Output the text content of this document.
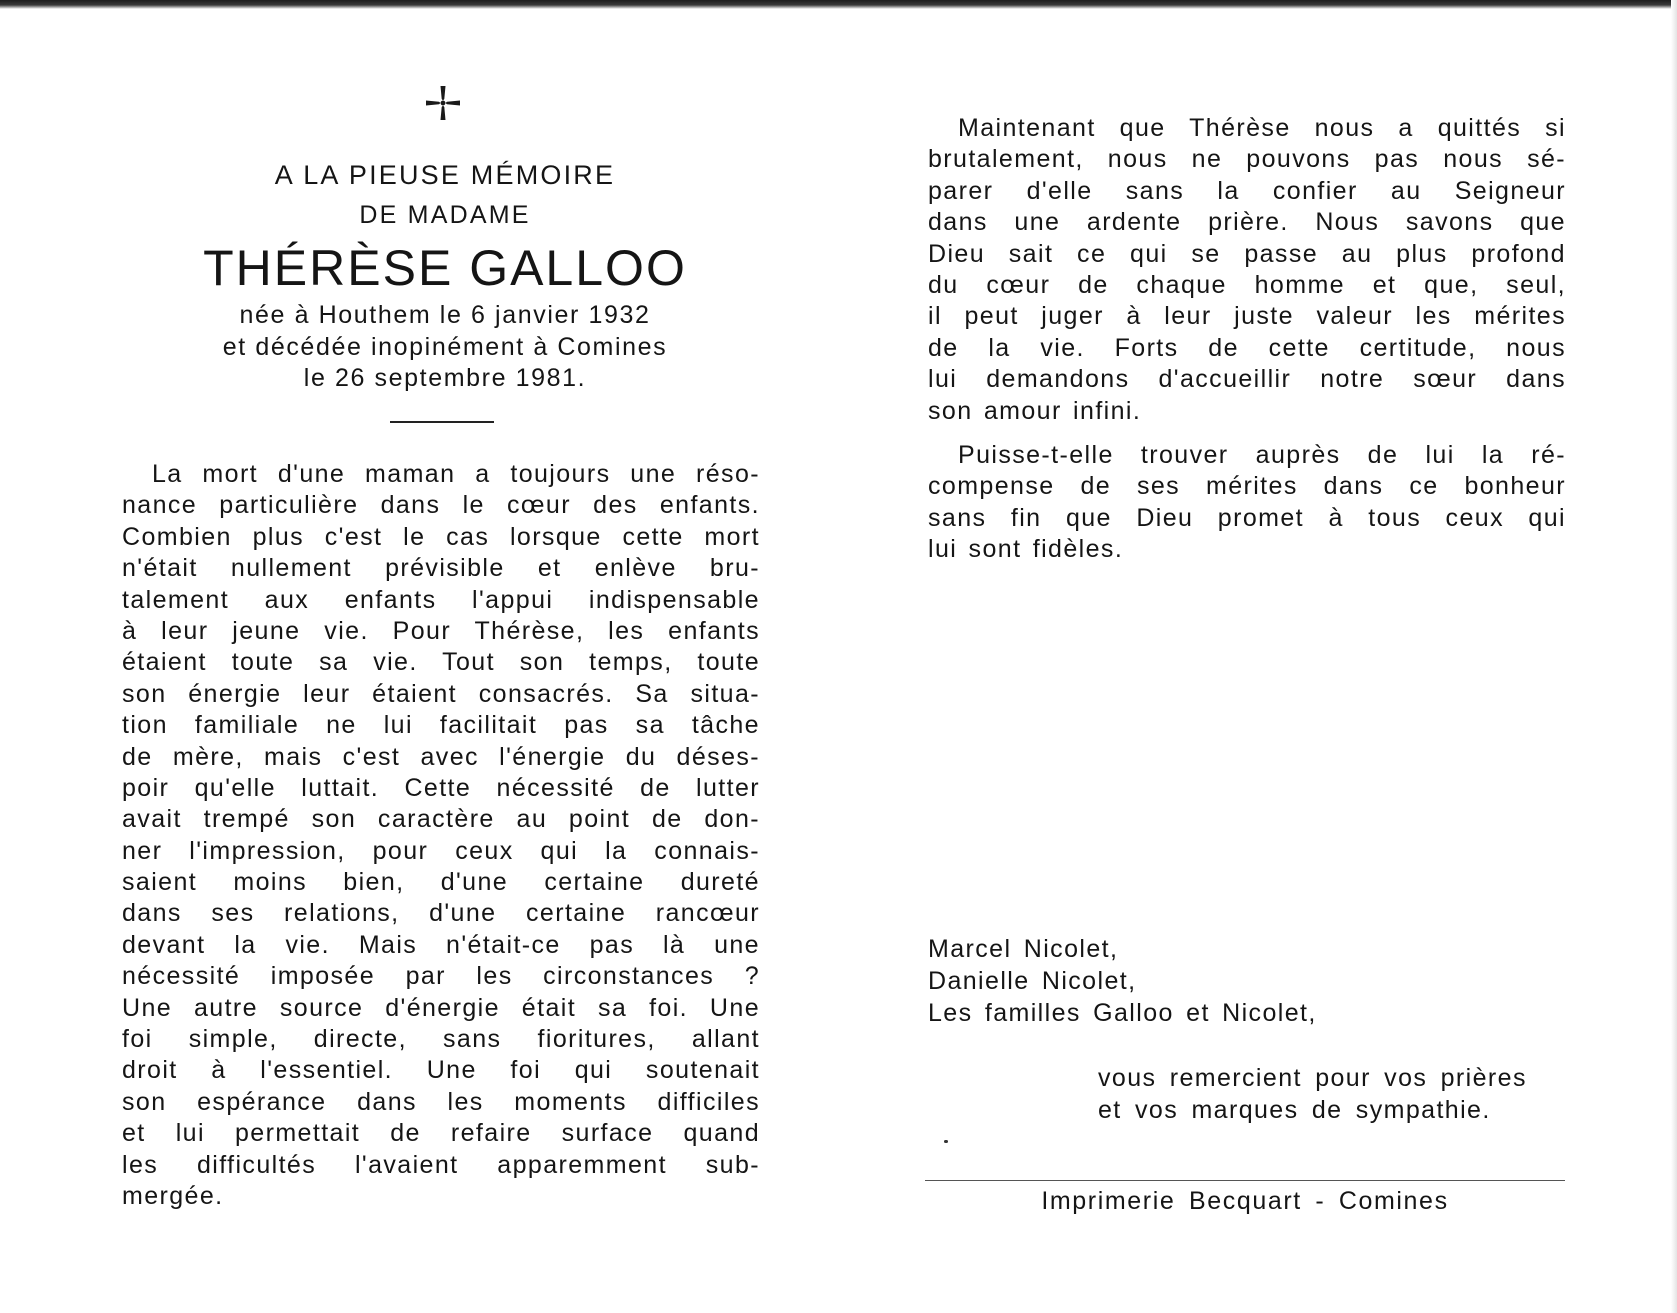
A LA PIEUSE MÉMOIRE
DE MADAME
THÉRÈSE GALLOO
née à Houthem le 6 janvier 1932
et décédée inopinément à Comines
le 26 septembre 1981.
La mort d'une maman a toujours une réso-
nance particulière dans le cœur des enfants.
Combien plus c'est le cas lorsque cette mort
n'était nullement prévisible et enlève bru-
talement aux enfants l'appui indispensable
à leur jeune vie. Pour Thérèse, les enfants
étaient toute sa vie. Tout son temps, toute
son énergie leur étaient consacrés. Sa situa-
tion familiale ne lui facilitait pas sa tâche
de mère, mais c'est avec l'énergie du déses-
poir qu'elle luttait. Cette nécessité de lutter
avait trempé son caractère au point de don-
ner l'impression, pour ceux qui la connais-
saient moins bien, d'une certaine dureté
dans ses relations, d'une certaine rancœur
devant la vie. Mais n'était-ce pas là une
nécessité imposée par les circonstances ?
Une autre source d'énergie était sa foi. Une
foi simple, directe, sans fioritures, allant
droit à l'essentiel. Une foi qui soutenait
son espérance dans les moments difficiles
et lui permettait de refaire surface quand
les difficultés l'avaient apparemment sub-
mergée.
Maintenant que Thérèse nous a quittés si
brutalement, nous ne pouvons pas nous sé-
parer d'elle sans la confier au Seigneur
dans une ardente prière. Nous savons que
Dieu sait ce qui se passe au plus profond
du cœur de chaque homme et que, seul,
il peut juger à leur juste valeur les mérites
de la vie. Forts de cette certitude, nous
lui demandons d'accueillir notre sœur dans
son amour infini.
Puisse-t-elle trouver auprès de lui la ré-
compense de ses mérites dans ce bonheur
sans fin que Dieu promet à tous ceux qui
lui sont fidèles.
Marcel Nicolet,
Danielle Nicolet,
Les familles Galloo et Nicolet,
vous remercient pour vos prières
et vos marques de sympathie.
Imprimerie Becquart - Comines
